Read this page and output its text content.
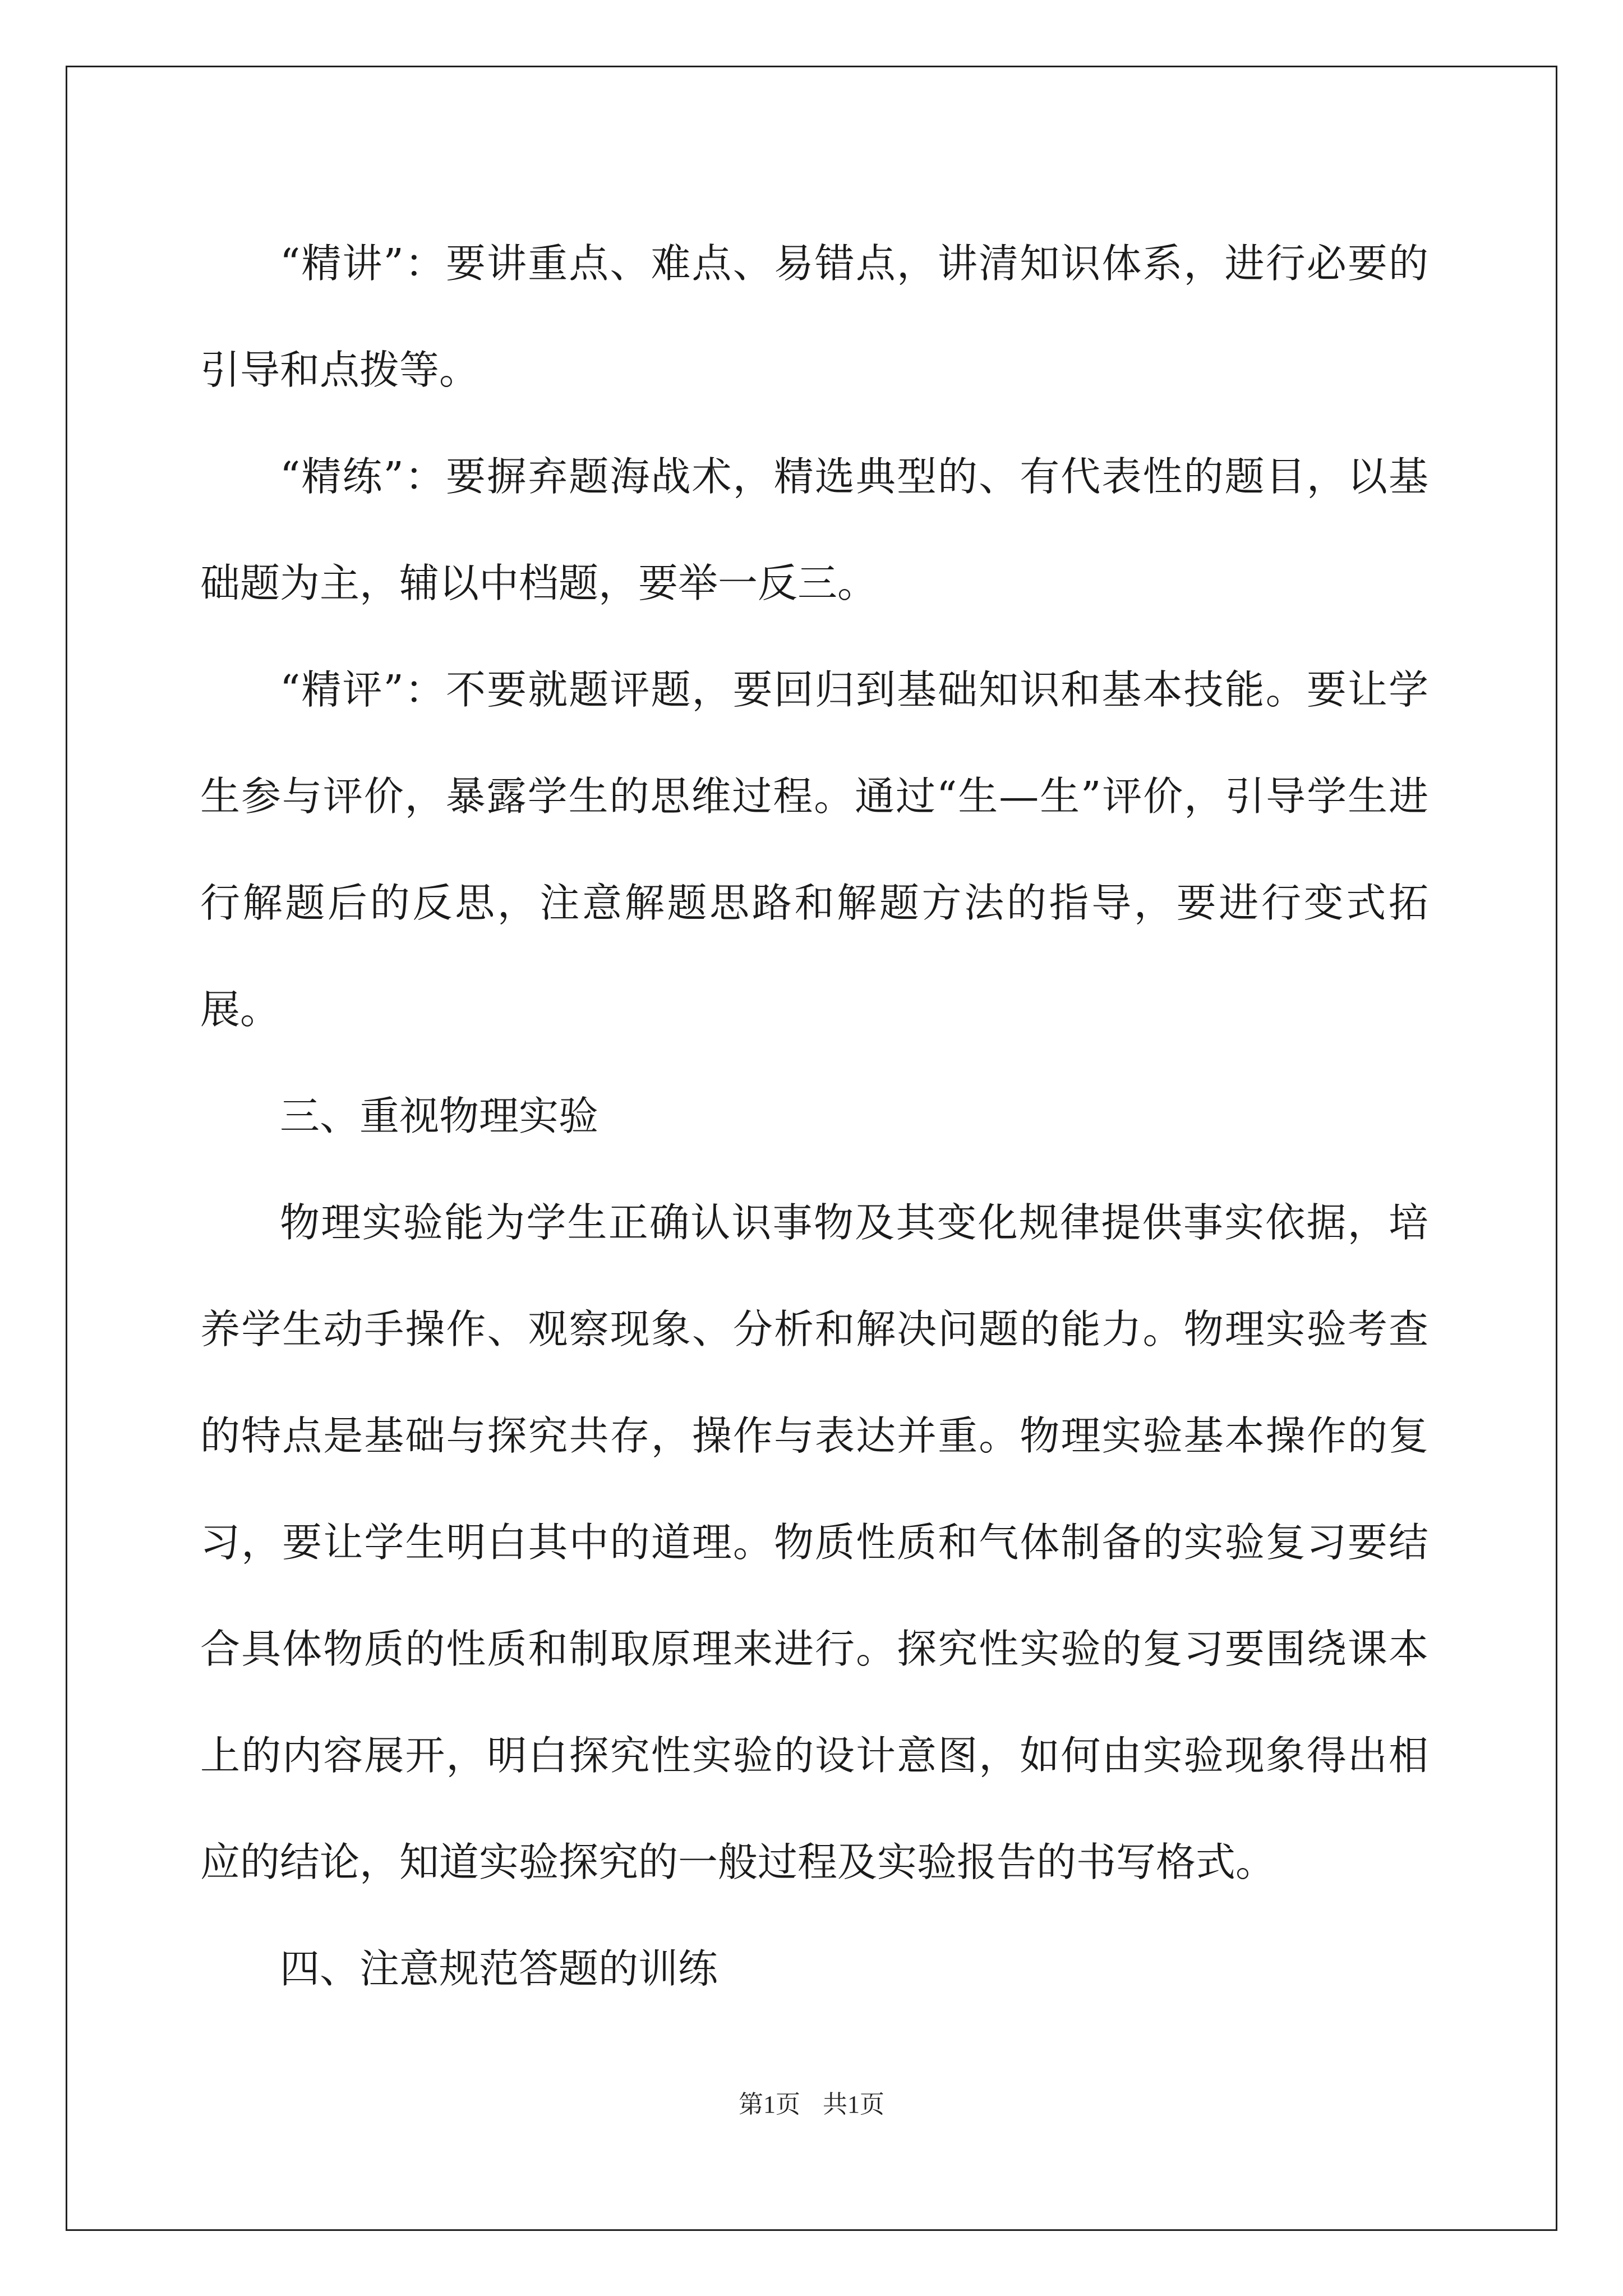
“精讲”：要讲重点、难点、易错点，讲清知识体系，进行必要的引导和点拨等。

“精练”：要摒弃题海战术，精选典型的、有代表性的题目，以基础题为主，辅以中档题，要举一反三。

“精评”：不要就题评题，要回归到基础知识和基本技能。要让学生参与评价，暴露学生的思维过程。通过“生—生”评价，引导学生进行解题后的反思，注意解题思路和解题方法的指导，要进行变式拓展。

三、重视物理实验

物理实验能为学生正确认识事物及其变化规律提供事实依据，培养学生动手操作、观察现象、分析和解决问题的能力。物理实验考查的特点是基础与探究共存，操作与表达并重。物理实验基本操作的复习，要让学生明白其中的道理。物质性质和气体制备的实验复习要结合具体物质的性质和制取原理来进行。探究性实验的复习要围绕课本上的内容展开，明白探究性实验的设计意图，如何由实验现象得出相应的结论，知道实验探究的一般过程及实验报告的书写格式。

四、注意规范答题的训练

第1页 共1页
